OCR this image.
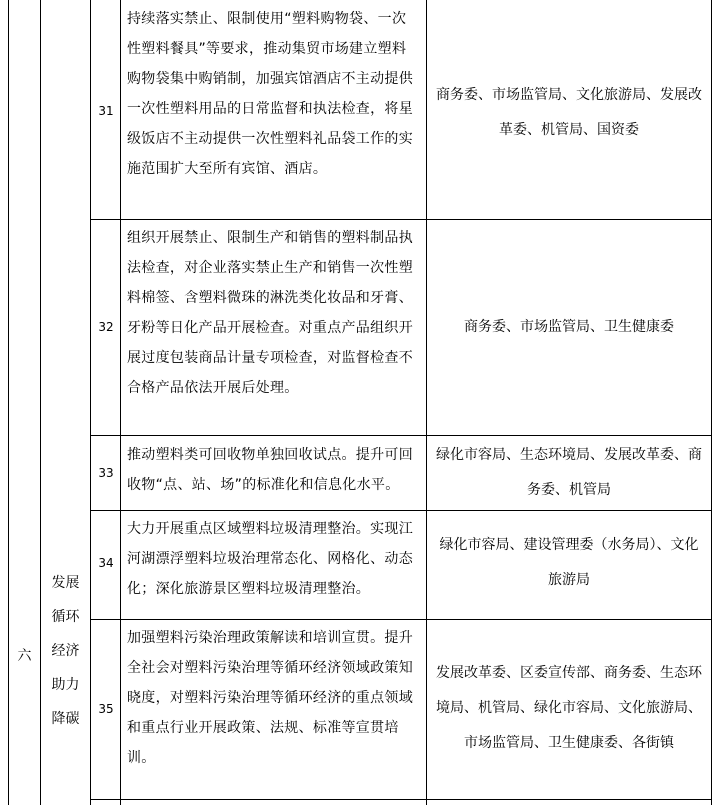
六
发展
循环
经济
助力
降碳
31
持续落实禁止、限制使用“塑料购物袋、一次
性塑料餐具”等要求，推动集贸市场建立塑料
购物袋集中购销制，加强宾馆酒店不主动提供
一次性塑料用品的日常监督和执法检查，将星
级饭店不主动提供一次性塑料礼品袋工作的实
施范围扩大至所有宾馆、酒店。
商务委、市场监管局、文化旅游局、发展改
革委、机管局、国资委
32
组织开展禁止、限制生产和销售的塑料制品执
法检查，对企业落实禁止生产和销售一次性塑
料棉签、含塑料微珠的淋洗类化妆品和牙膏、
牙粉等日化产品开展检查。对重点产品组织开
展过度包装商品计量专项检查，对监督检查不
合格产品依法开展后处理。
商务委、市场监管局、卫生健康委
33
推动塑料类可回收物单独回收试点。提升可回
收物“点、站、场”的标准化和信息化水平。
绿化市容局、生态环境局、发展改革委、商
务委、机管局
34
大力开展重点区域塑料垃圾清理整治。实现江
河湖漂浮塑料垃圾治理常态化、网格化、动态
化；深化旅游景区塑料垃圾清理整治。
绿化市容局、建设管理委（水务局）、文化
旅游局
35
加强塑料污染治理政策解读和培训宣贯。提升
全社会对塑料污染治理等循环经济领域政策知
晓度，对塑料污染治理等循环经济的重点领域
和重点行业开展政策、法规、标准等宣贯培
训。
发展改革委、区委宣传部、商务委、生态环
境局、机管局、绿化市容局、文化旅游局、
市场监管局、卫生健康委、各街镇
